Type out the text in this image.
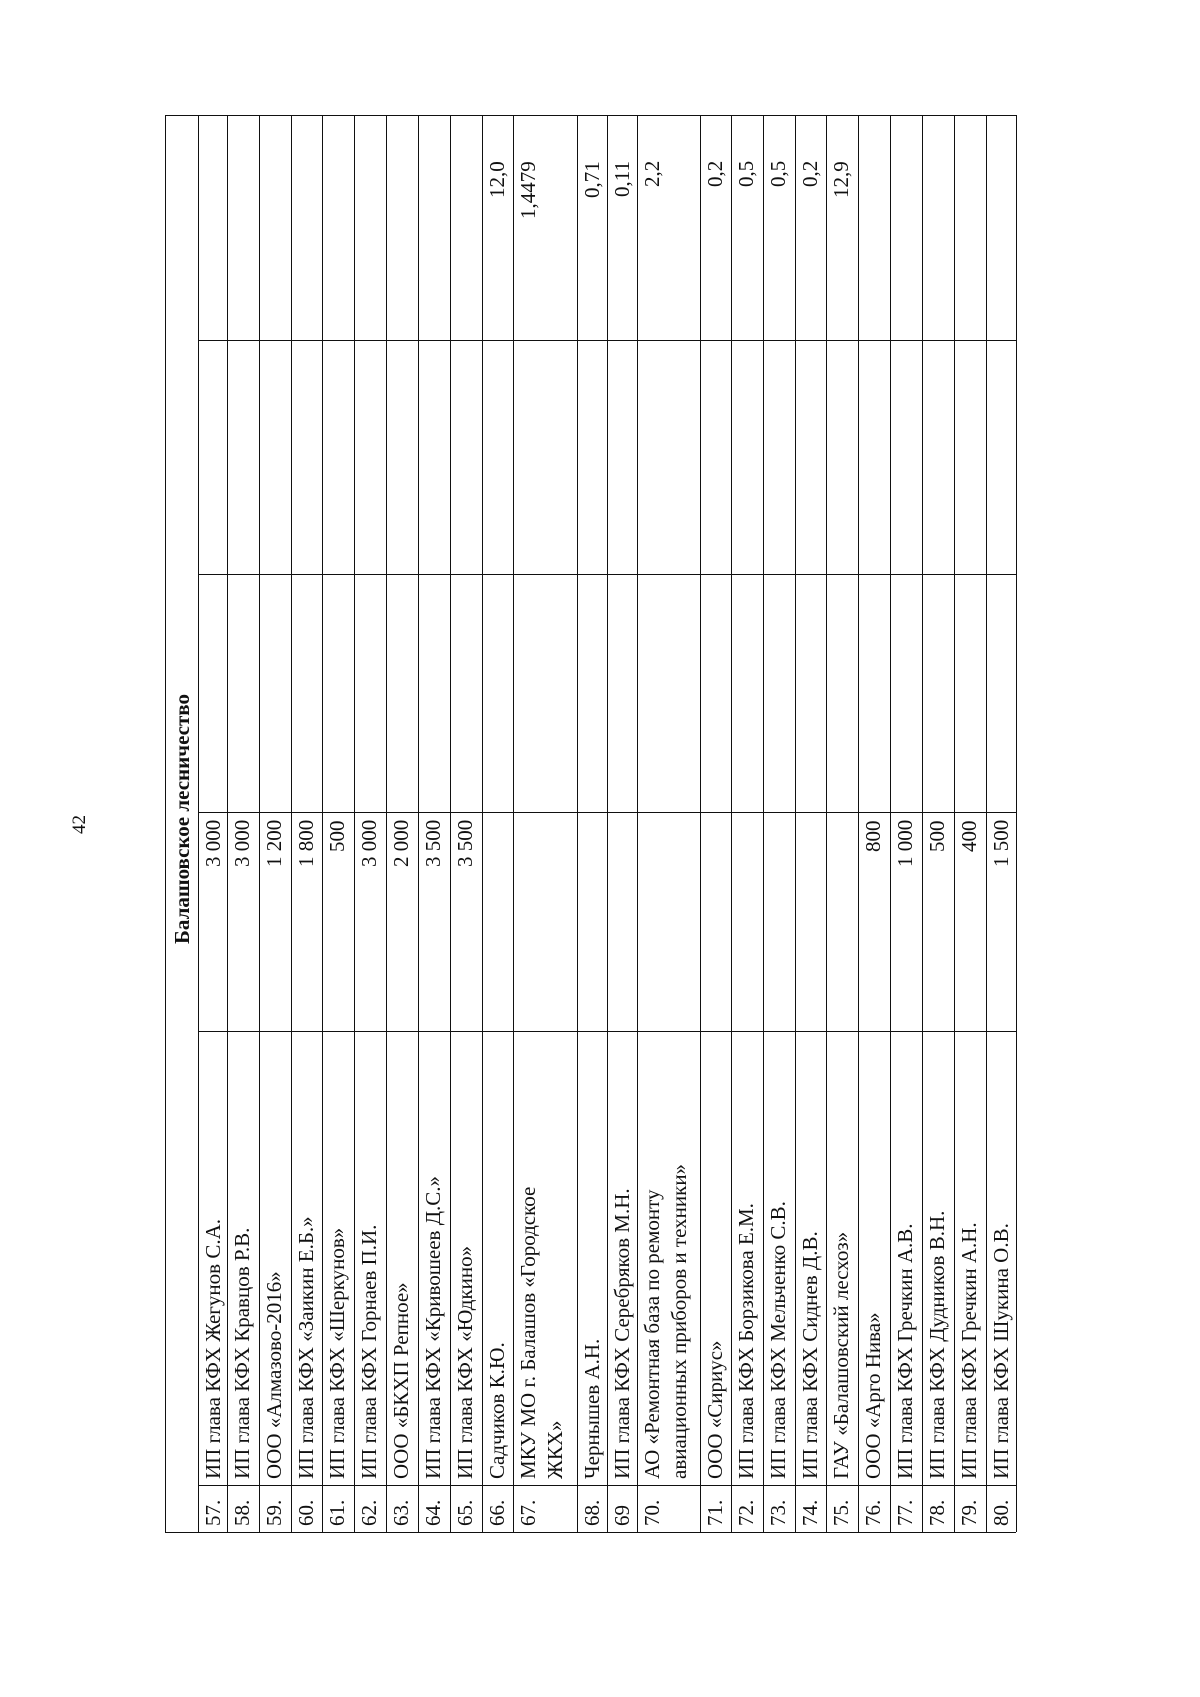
42	Балашовское лесничество
57.
ИП глава КФХ Жегунов С.А.
3 000
58.
ИП глава КФХ Кравцов Р.В.
3 000
59.
ООО «Алмазово-2016»
1 200
60.
ИП глава КФХ «Заикин Е.Б.»
1 800
61.
ИП глава КФХ «Шеркунов»
500
62.
ИП глава КФХ Горнаев П.И.
3 000
63.
ООО «БКХП Репное»
2 000
64.
ИП глава КФХ «Кривошеев Д.С.»
3 500
65.
ИП глава КФХ «Юдкино»
3 500
66.
Садчиков К.Ю.
12,0
67.
МКУ МО г. Балашов «Городское ЖКХ»
1,4479
68.
Чернышев А.Н.
0,71
69
ИП глава КФХ Серебряков М.Н.
0,11
70.
АО «Ремонтная база по ремонту авиационных приборов и техники»
2,2
71.
ООО «Сириус»
0,2
72.
ИП глава КФХ Борзикова Е.М.
0,5
73.
ИП глава КФХ Мельченко С.В.
0,5
74.
ИП глава КФХ Сиднев Д.В.
0,2
75.
ГАУ «Балашовский лесхоз»
12,9
76.
ООО «Арго Нива»
800
77.
ИП глава КФХ Гречкин А.В.
1 000
78.
ИП глава КФХ Дудников В.Н.
500
79.
ИП глава КФХ Гречкин А.Н.
400
80.
ИП глава КФХ Шукина О.В.
1 500
